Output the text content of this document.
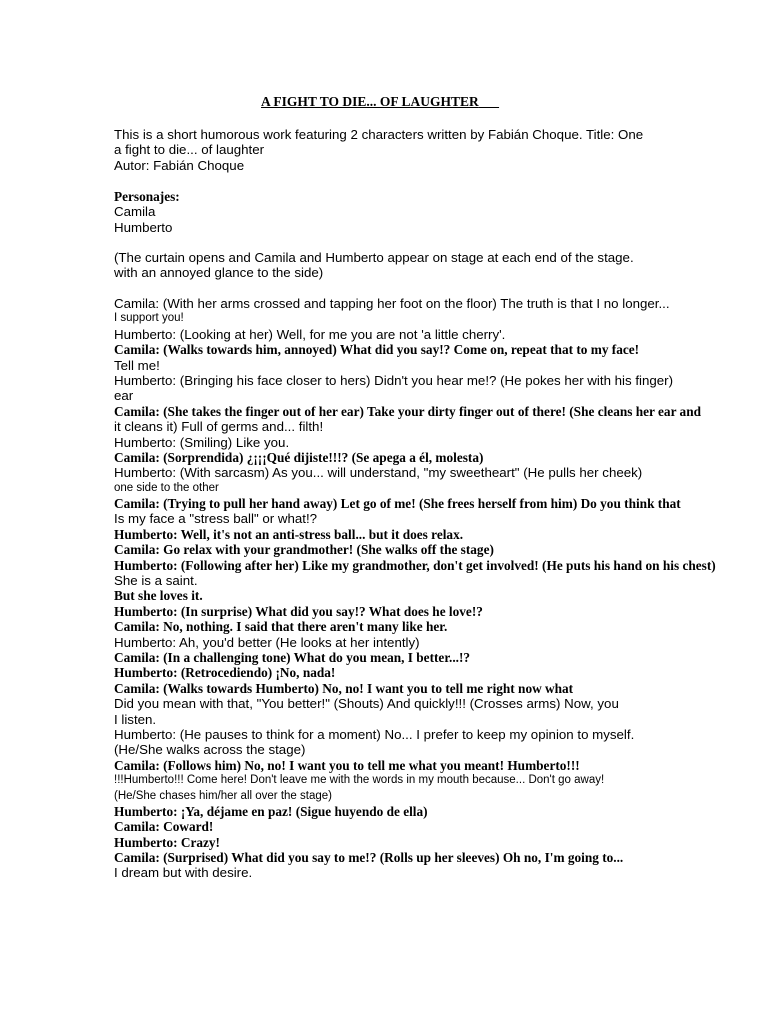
A FIGHT TO DIE... OF LAUGHTER
This is a short humorous work featuring 2 characters written by Fabián Choque. Title: One
a fight to die... of laughter
Autor: Fabián Choque
Personajes:
Camila
Humberto
(The curtain opens and Camila and Humberto appear on stage at each end of the stage.
with an annoyed glance to the side)
Camila: (With her arms crossed and tapping her foot on the floor) The truth is that I no longer...
I support you!
Humberto: (Looking at her) Well, for me you are not 'a little cherry'.
Camila: (Walks towards him, annoyed) What did you say!? Come on, repeat that to my face!
Tell me!
Humberto: (Bringing his face closer to hers) Didn't you hear me!? (He pokes her with his finger)
ear
Camila: (She takes the finger out of her ear) Take your dirty finger out of there! (She cleans her ear and
it cleans it) Full of germs and... filth!
Humberto: (Smiling) Like you.
Camila: (Sorprendida) ¿¡¡¡Qué dijiste!!!? (Se apega a él, molesta)
Humberto: (With sarcasm) As you... will understand, "my sweetheart" (He pulls her cheek)
one side to the other
Camila: (Trying to pull her hand away) Let go of me! (She frees herself from him) Do you think that
Is my face a "stress ball" or what!?
Humberto: Well, it's not an anti-stress ball... but it does relax.
Camila: Go relax with your grandmother! (She walks off the stage)
Humberto: (Following after her) Like my grandmother, don't get involved! (He puts his hand on his chest)
She is a saint.
But she loves it.
Humberto: (In surprise) What did you say!? What does he love!?
Camila: No, nothing. I said that there aren't many like her.
Humberto: Ah, you'd better (He looks at her intently)
Camila: (In a challenging tone) What do you mean, I better...!?
Humberto: (Retrocediendo) ¡No, nada!
Camila: (Walks towards Humberto) No, no! I want you to tell me right now what
Did you mean with that, "You better!" (Shouts) And quickly!!! (Crosses arms) Now, you
I listen.
Humberto: (He pauses to think for a moment) No... I prefer to keep my opinion to myself.
(He/She walks across the stage)
Camila: (Follows him) No, no! I want you to tell me what you meant! Humberto!!!
!!!Humberto!!! Come here! Don't leave me with the words in my mouth because... Don't go away!
(He/She chases him/her all over the stage)
Humberto: ¡Ya, déjame en paz! (Sigue huyendo de ella)
Camila: Coward!
Humberto: Crazy!
Camila: (Surprised) What did you say to me!? (Rolls up her sleeves) Oh no, I'm going to...
I dream but with desire.
